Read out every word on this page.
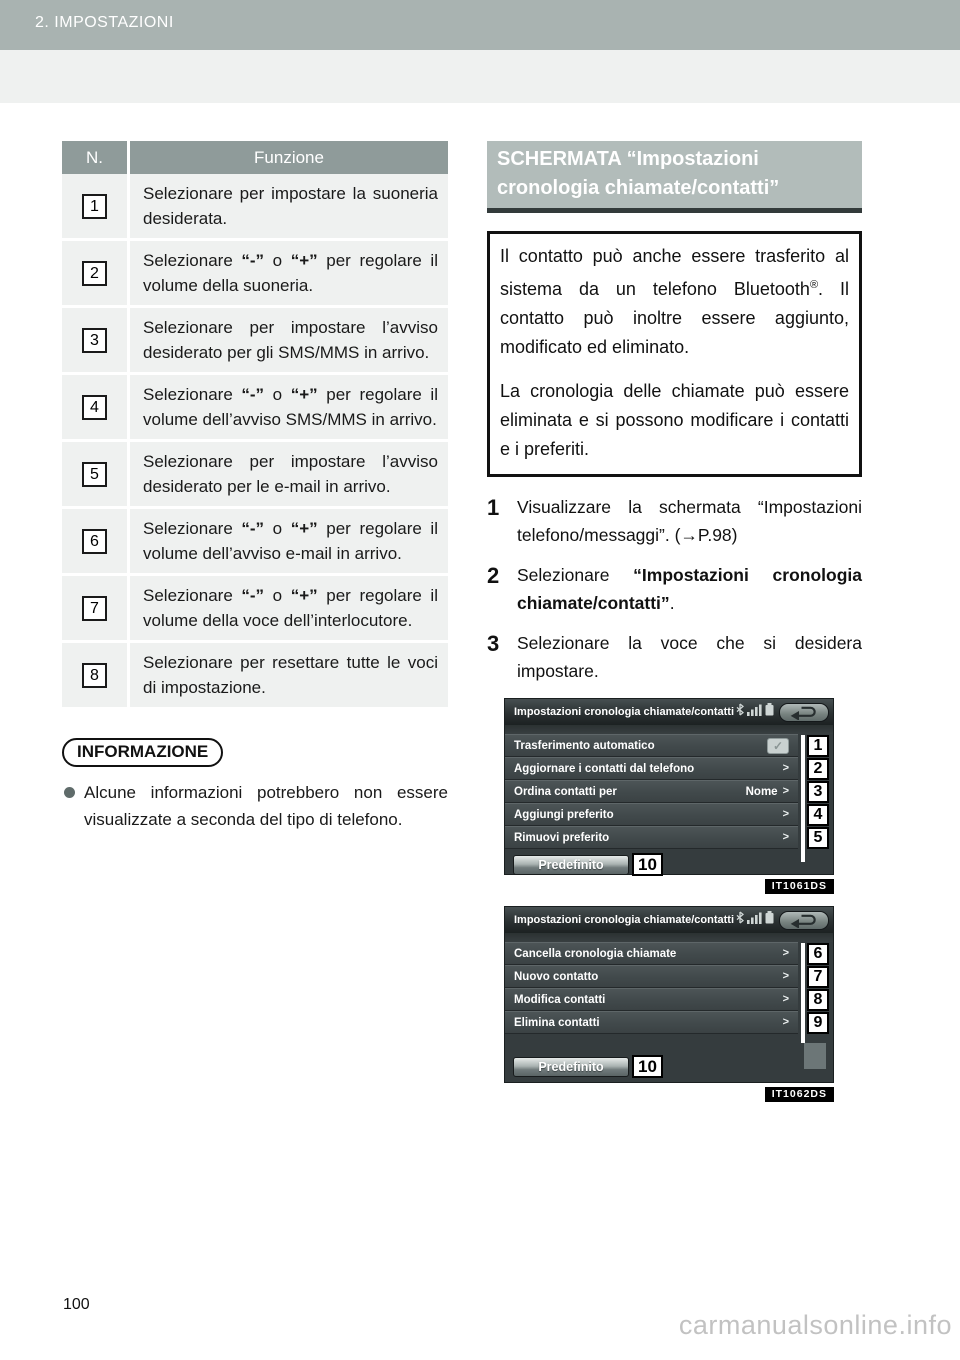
2. IMPOSTAZIONI
N.	Funzione
1	Selezionare per impostare la suoneria desiderata.
2	Selezionare “-” o “+” per regolare il volume della suoneria.
3	Selezionare per impostare l’avviso desiderato per gli SMS/MMS in arrivo.
4	Selezionare “-” o “+” per regolare il volume dell’avviso SMS/MMS in arrivo.
5	Selezionare per impostare l’avviso desiderato per le e-mail in arrivo.
6	Selezionare “-” o “+” per regolare il volume dell’avviso e-mail in arrivo.
7	Selezionare “-” o “+” per regolare il volume della voce dell’interlocutore.
8	Selezionare per resettare tutte le voci di impostazione.
INFORMAZIONE
Alcune informazioni potrebbero non essere visualizzate a seconda del tipo di telefono.
SCHERMATA “Impostazioni cronologia chiamate/contatti”

Il contatto può anche essere trasferito al sistema da un telefono Bluetooth®. Il contatto può inoltre essere aggiunto, modificato ed eliminato.

La cronologia delle chiamate può essere eliminata e si possono modificare i contatti e i preferiti.

1	Visualizzare la schermata “Impostazioni telefono/messaggi”. (→P.98)
2	Selezionare “Impostazioni cronologia chiamate/contatti”.
3	Selezionare la voce che si desidera impostare.
Impostazioni cronologia chiamate/contatti
Trasferimento automatico	✓	1
Aggiornare i contatti dal telefono	>	2
Ordina contatti per	Nome >	3
Aggiungi preferito	>	4
Rimuovi preferito	>	5
Predefinito	10
IT1061DS
Impostazioni cronologia chiamate/contatti
Cancella cronologia chiamate	>	6
Nuovo contatto	>	7
Modifica contatti	>	8
Elimina contatti	>	9
Predefinito	10
IT1062DS
100
carmanualsonline.info
